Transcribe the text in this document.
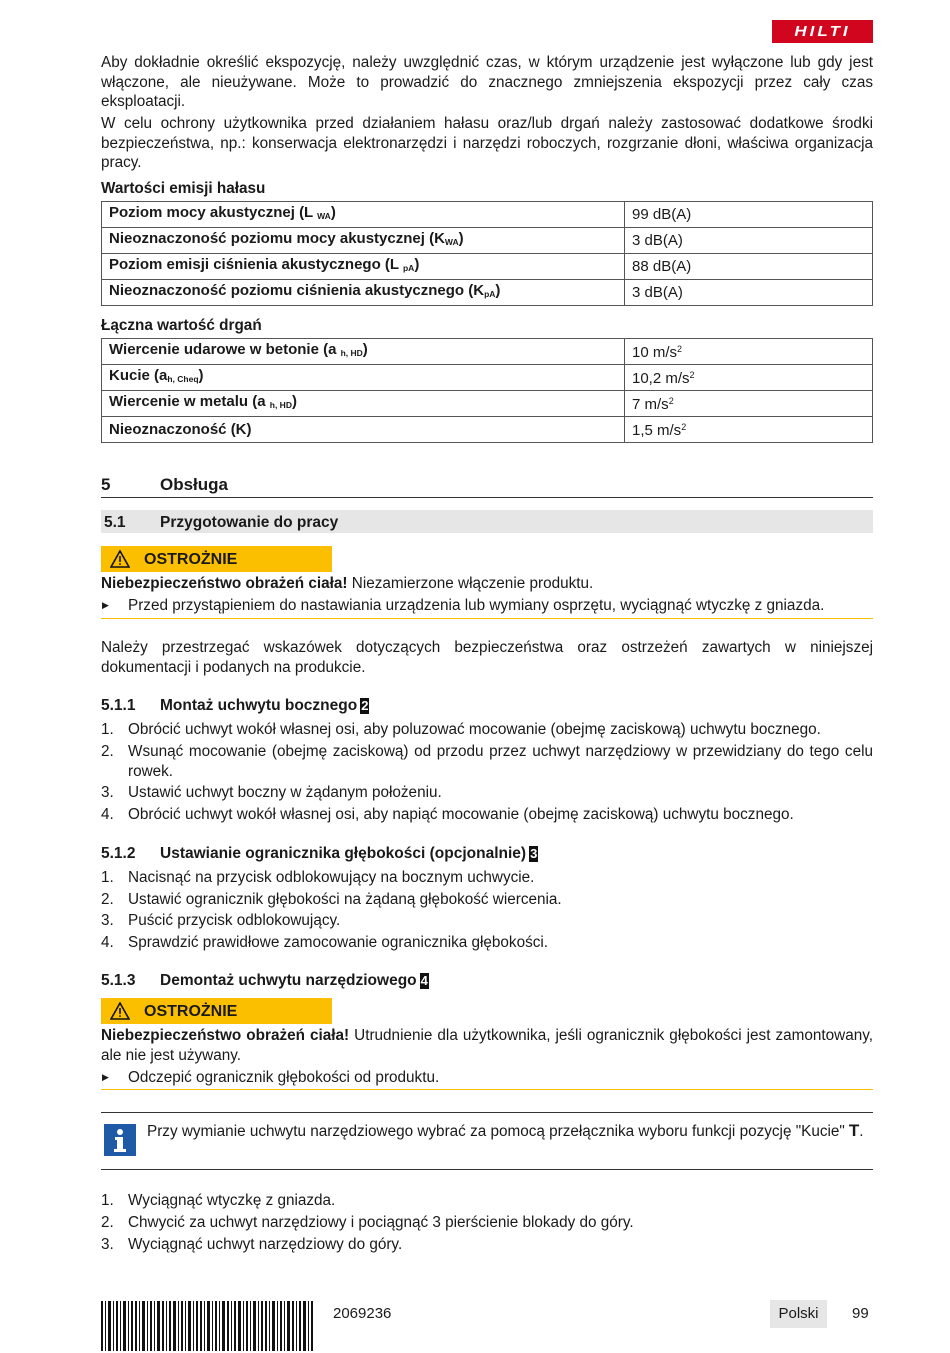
HILTI
Aby dokładnie określić ekspozycję, należy uwzględnić czas, w którym urządzenie jest wyłączone lub gdy jest włączone, ale nieużywane. Może to prowadzić do znacznego zmniejszenia ekspozycji przez cały czas eksploatacji.
W celu ochrony użytkownika przed działaniem hałasu oraz/lub drgań należy zastosować dodatkowe środki bezpieczeństwa, np.: konserwacja elektronarzędzi i narzędzi roboczych, rozgrzanie dłoni, właściwa organizacja pracy.
Wartości emisji hałasu
Poziom mocy akustycznej (L $_{WA}$)	99 dB(A)
Nieoznaczoność poziomu mocy akustycznej $(K_{WA})$	3 dB(A)
Poziom emisji ciśnienia akustycznego (L $_{pA}$)	88 dB(A)
Nieoznaczoność poziomu ciśnienia akustycznego $(K_{pA})$	3 dB(A)
Łączna wartość drgań
Wiercenie udarowe w betonie (a $_{h, HD}$)	10 $m/s^2$
Kucie $(a_{h, Cheq})$	10,2 $m/s^2$
Wiercenie w metalu (a $_{h, HD}$)	7 $m/s^2$
Nieoznaczoność (K)	1,5 $m/s^2$
5	Obsługa
5.1 Przygotowanie do pracy
OSTROŻNIE
Niebezpieczeństwo obrażeń ciała! Niezamierzone włączenie produktu.
▶ Przed przystąpieniem do nastawiania urządzenia lub wymiany osprzętu, wyciągnąć wtyczkę z gniazda.
Należy przestrzegać wskazówek dotyczących bezpieczeństwa oraz ostrzeżeń zawartych w niniejszej dokumentacji i podanych na produkcie.
5.1.1 Montaż uchwytu bocznego 2
1. Obrócić uchwyt wokół własnej osi, aby poluzować mocowanie (obejmę zaciskową) uchwytu bocznego.
2. Wsunąć mocowanie (obejmę zaciskową) od przodu przez uchwyt narzędziowy w przewidziany do tego celu rowek.
3. Ustawić uchwyt boczny w żądanym położeniu.
4. Obrócić uchwyt wokół własnej osi, aby napiąć mocowanie (obejmę zaciskową) uchwytu bocznego.
5.1.2 Ustawianie ogranicznika głębokości (opcjonalnie) 3
1. Nacisnąć na przycisk odblokowujący na bocznym uchwycie.
2. Ustawić ogranicznik głębokości na żądaną głębokość wiercenia.
3. Puścić przycisk odblokowujący.
4. Sprawdzić prawidłowe zamocowanie ogranicznika głębokości.
5.1.3 Demontaż uchwytu narzędziowego 4
OSTROŻNIE
Niebezpieczeństwo obrażeń ciała! Utrudnienie dla użytkownika, jeśli ogranicznik głębokości jest zamontowany, ale nie jest używany.
▶ Odczepić ogranicznik głębokości od produktu.
Przy wymianie uchwytu narzędziowego wybrać za pomocą przełącznika wyboru funkcji pozycję "Kucie" T.
1. Wyciągnąć wtyczkę z gniazda.
2. Chwycić za uchwyt narzędziowy i pociągnąć 3 pierścienie blokady do góry.
3. Wyciągnąć uchwyt narzędziowy do góry.
2069236	Polski	99
